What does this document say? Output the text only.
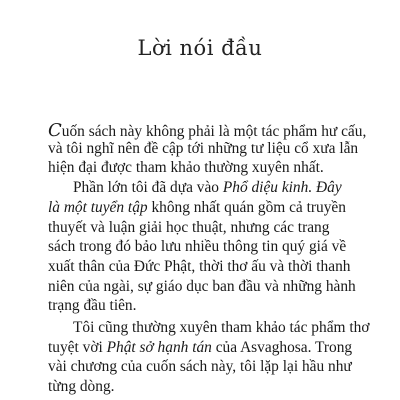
Lời nói đầu
Cuốn sách này không phải là một tác phẩm hư cấu,
và tôi nghĩ nên đề cập tới những tư liệu cổ xưa lẫn
hiện đại được tham khảo thường xuyên nhất.
Phần lớn tôi đã dựa vào Phổ diệu kinh. Đây
là một tuyển tập không nhất quán gồm cả truyền
thuyết và luận giải học thuật, nhưng các trang
sách trong đó bảo lưu nhiều thông tin quý giá về
xuất thân của Đức Phật, thời thơ ấu và thời thanh
niên của ngài, sự giáo dục ban đầu và những hành
trạng đầu tiên.
Tôi cũng thường xuyên tham khảo tác phẩm thơ
tuyệt vời Phật sở hạnh tán của Asvaghosa. Trong
vài chương của cuốn sách này, tôi lặp lại hầu như
từng dòng.
